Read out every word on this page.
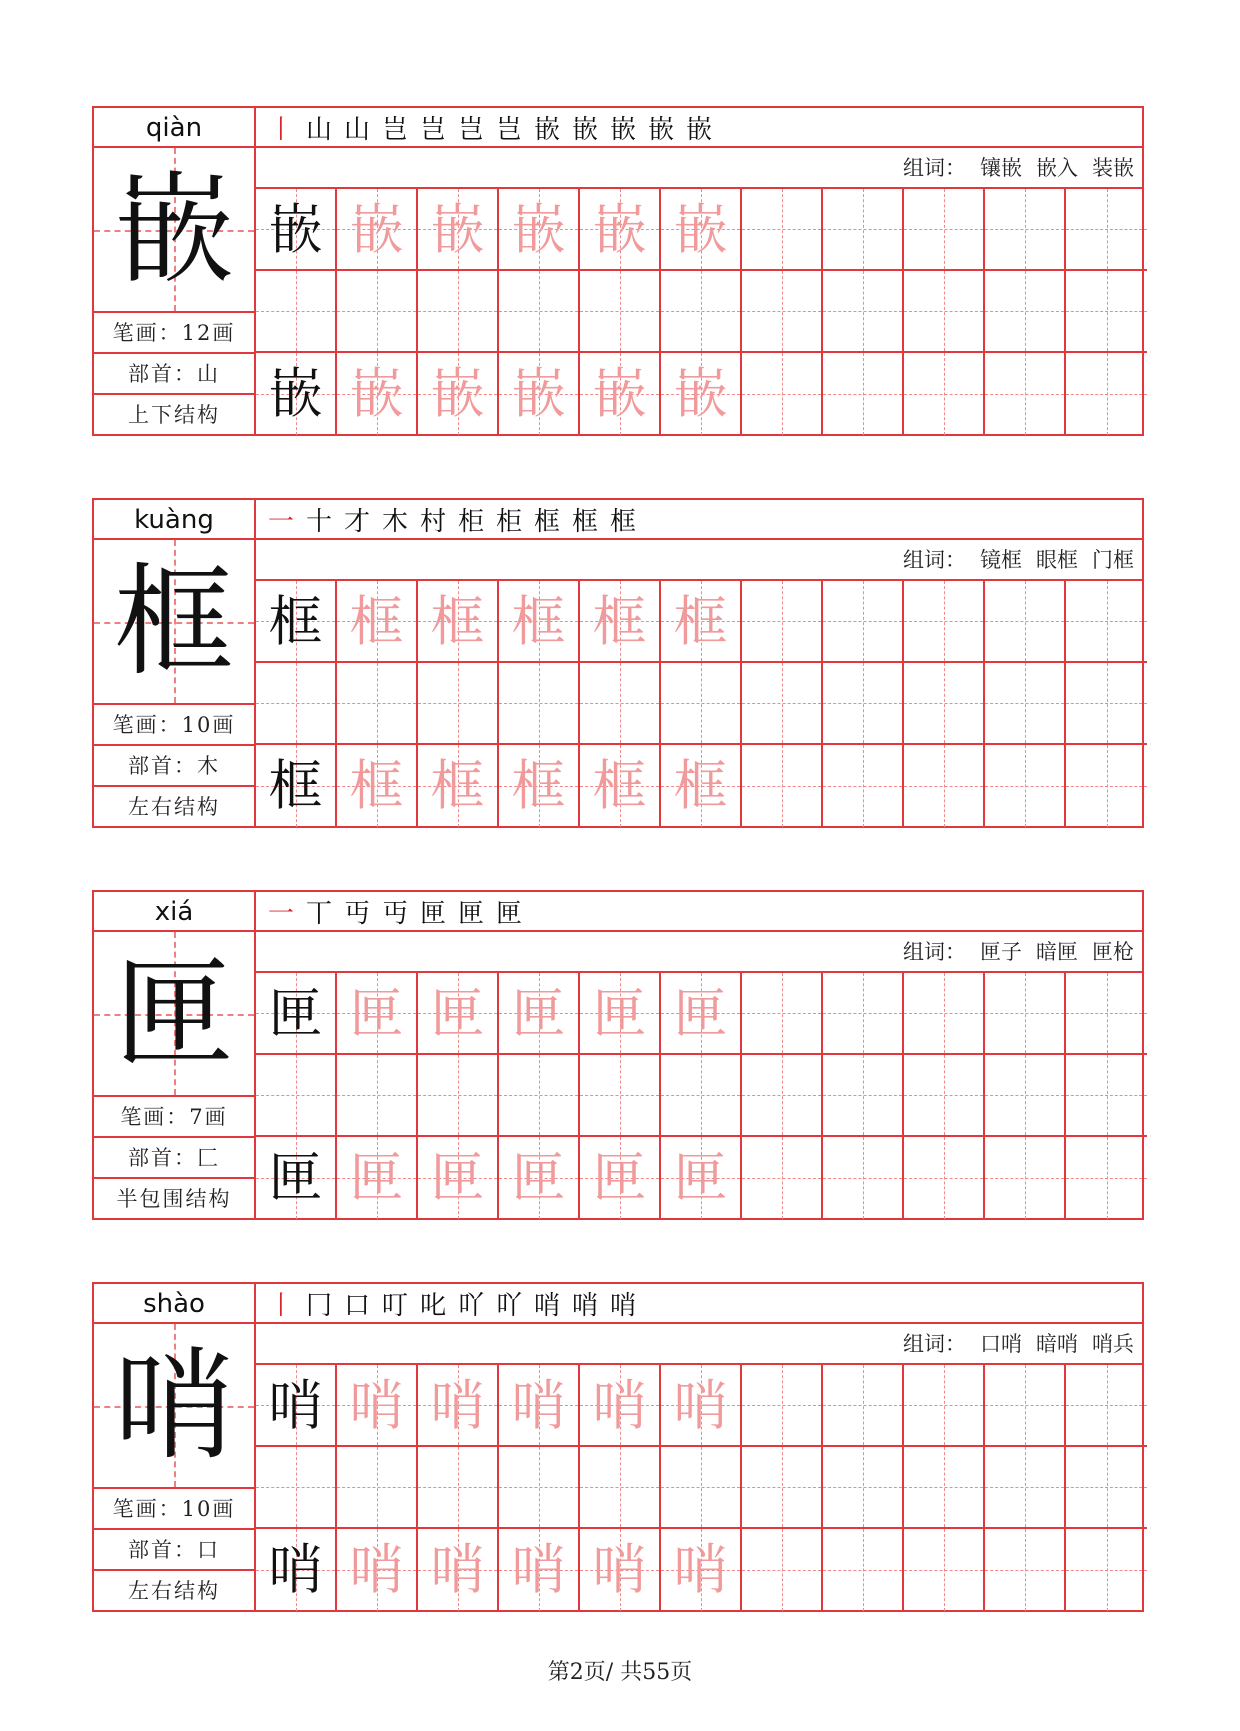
qiàn
嵌
笔画：12画
部首：山
上下结构
丨 山 山 岂 岂 岂 岂 嵌 嵌 嵌 嵌 嵌
组词： 镶嵌 嵌入 装嵌
嵌 嵌 嵌 嵌 嵌 嵌
嵌 嵌 嵌 嵌 嵌 嵌
kuàng
框
笔画：10画
部首：木
左右结构
一 十 才 木 村 柜 柜 框 框 框
组词： 镜框 眼框 门框
框 框 框 框 框 框
框 框 框 框 框 框
xiá
匣
笔画：7画
部首：匚
半包围结构
一 丅 丏 丏 匣 匣 匣
组词： 匣子 暗匣 匣枪
匣 匣 匣 匣 匣 匣
匣 匣 匣 匣 匣 匣
shào
哨
笔画：10画
部首：口
左右结构
丨 冂 口 叮 叱 吖 吖 哨 哨 哨
组词： 口哨 暗哨 哨兵
哨 哨 哨 哨 哨 哨
哨 哨 哨 哨 哨 哨
第2页/ 共55页
